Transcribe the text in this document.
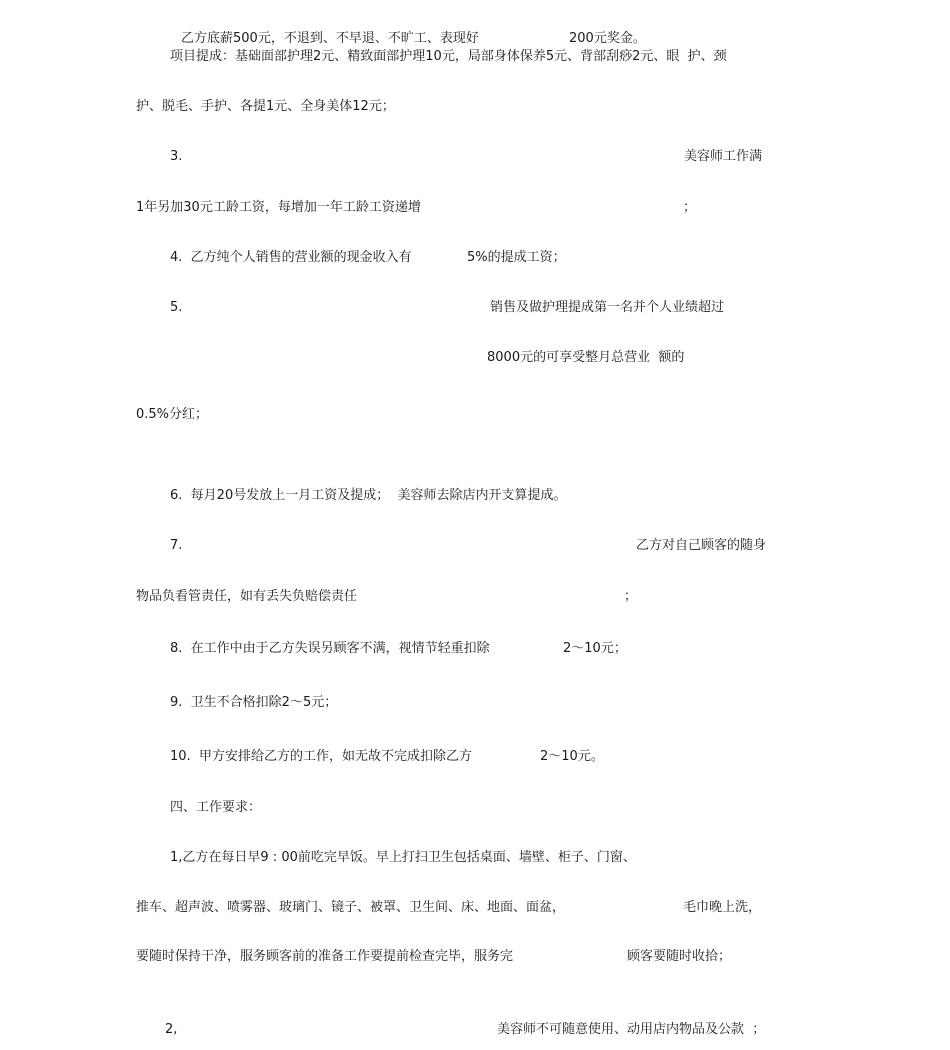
乙方底薪500元，不退到、不早退、不旷工、表现好	200元奖金。
项目提成：基础面部护理2元、精致面部护理10元，局部身体保养5元、背部刮痧2元、眼  护、颈
护、脱毛、手护、各提1元、全身美体12元；
3.	美容师工作满
1年另加30元工龄工资，每增加一年工龄工资递增	；
4.  乙方纯个人销售的营业额的现金收入有	5%的提成工资；
5.	销售及做护理提成第一名并个人业绩超过
8000元的可享受整月总营业  额的
0.5%分红；
6.  每月20号发放上一月工资及提成；  美容师去除店内开支算提成。
7.	乙方对自己顾客的随身
物品负看管责任，如有丢失负赔偿责任	；
8.  在工作中由于乙方失误另顾客不满，视情节轻重扣除	2〜10元；
9.  卫生不合格扣除2〜5元；
10.  甲方安排给乙方的工作，如无故不完成扣除乙方	2〜10元。
四、工作要求：
1,乙方在每日早9 : 00前吃完早饭。早上打扫卫生包括桌面、墙壁、柜子、门窗、
推车、超声波、喷雾器、玻璃门、镜子、被罩、卫生间、床、地面、面盆，	毛巾晚上洗，
要随时保持干净，服务顾客前的准备工作要提前检查完毕，服务完	顾客要随时收拾；
2,	美容师不可随意使用、动用店内物品及公款  ；
